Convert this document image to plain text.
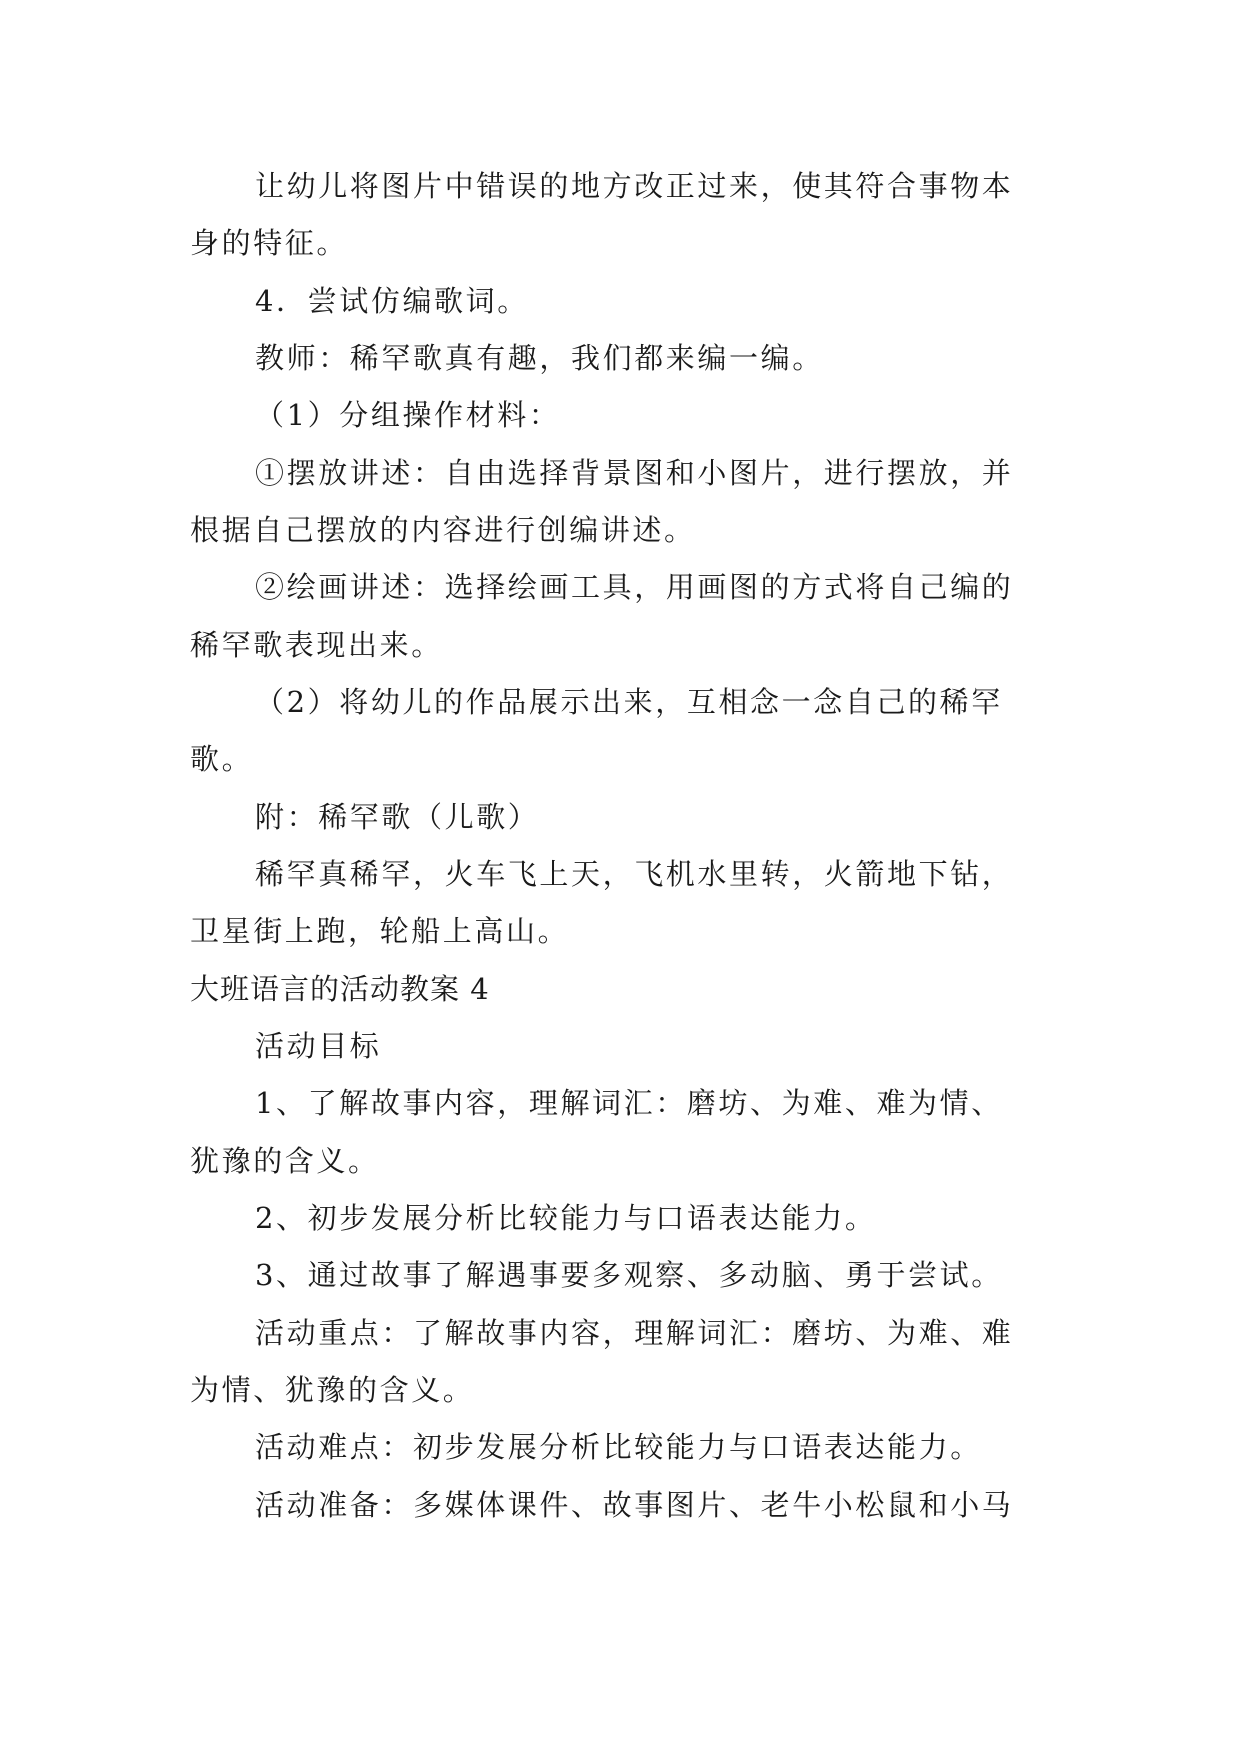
让幼儿将图片中错误的地方改正过来，使其符合事物本
身的特征。
4．尝试仿编歌词。
教师：稀罕歌真有趣，我们都来编一编。
（1）分组操作材料：
①摆放讲述：自由选择背景图和小图片，进行摆放，并
根据自己摆放的内容进行创编讲述。
②绘画讲述：选择绘画工具，用画图的方式将自己编的
稀罕歌表现出来。
（2）将幼儿的作品展示出来，互相念一念自己的稀罕
歌。
附：稀罕歌（儿歌）
稀罕真稀罕，火车飞上天，飞机水里转，火箭地下钻，
卫星街上跑，轮船上高山。
大班语言的活动教案 4
活动目标
1、了解故事内容，理解词汇：磨坊、为难、难为情、
犹豫的含义。
2、初步发展分析比较能力与口语表达能力。
3、通过故事了解遇事要多观察、多动脑、勇于尝试。
活动重点：了解故事内容，理解词汇：磨坊、为难、难
为情、犹豫的含义。
活动难点：初步发展分析比较能力与口语表达能力。
活动准备：多媒体课件、故事图片、老牛小松鼠和小马
